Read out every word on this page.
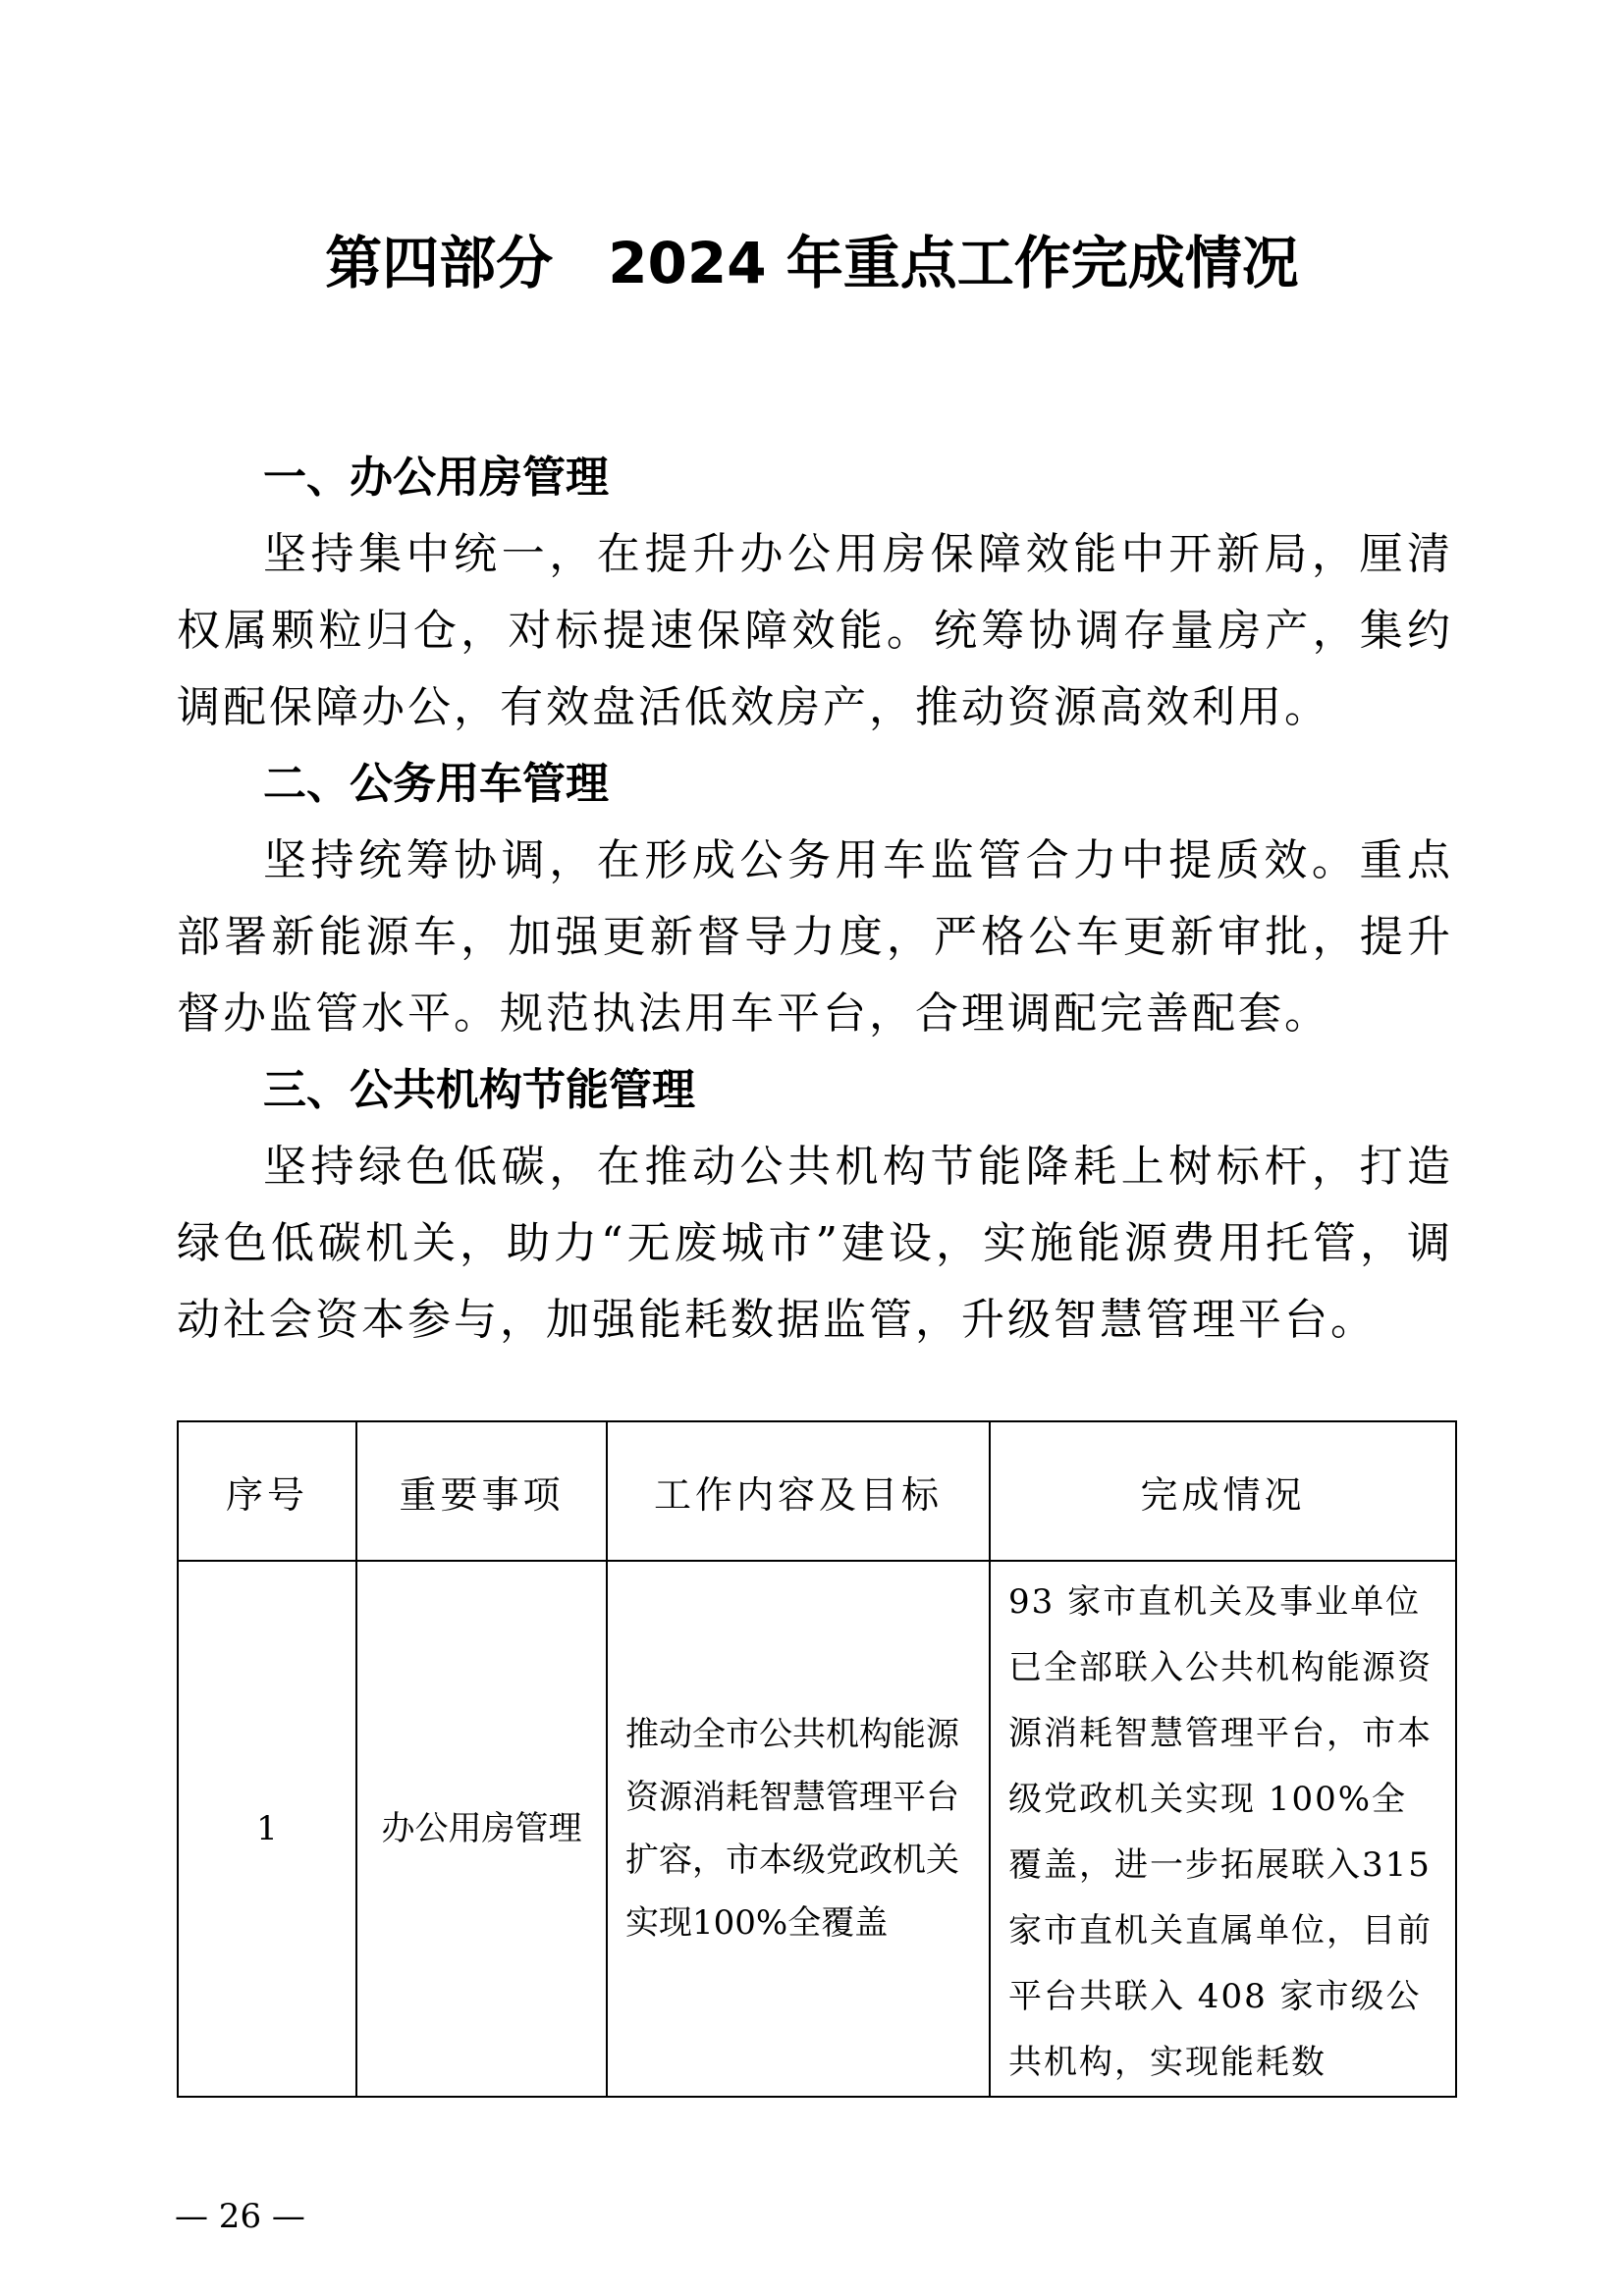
第四部分 2024 年重点工作完成情况
一、办公用房管理

坚持集中统一，在提升办公用房保障效能中开新局，厘清权属颗粒归仓，对标提速保障效能。统筹协调存量房产，集约调配保障办公，有效盘活低效房产，推动资源高效利用。

二、公务用车管理

坚持统筹协调，在形成公务用车监管合力中提质效。重点部署新能源车，加强更新督导力度，严格公车更新审批，提升督办监管水平。规范执法用车平台，合理调配完善配套。

三、公共机构节能管理

坚持绿色低碳，在推动公共机构节能降耗上树标杆，打造绿色低碳机关，助力“无废城市”建设，实施能源费用托管，调动社会资本参与，加强能耗数据监管，升级智慧管理平台。

序号	重要事项	工作内容及目标	完成情况
1	办公用房管理	推动全市公共机构能源资源消耗智慧管理平台扩容，市本级党政机关实现100%全覆盖	93 家市直机关及事业单位已全部联入公共机构能源资源消耗智慧管理平台，市本级党政机关实现 100%全覆盖，进一步拓展联入315 家市直机关直属单位，目前平台共联入 408 家市级公共机构，实现能耗数
— 26 —
